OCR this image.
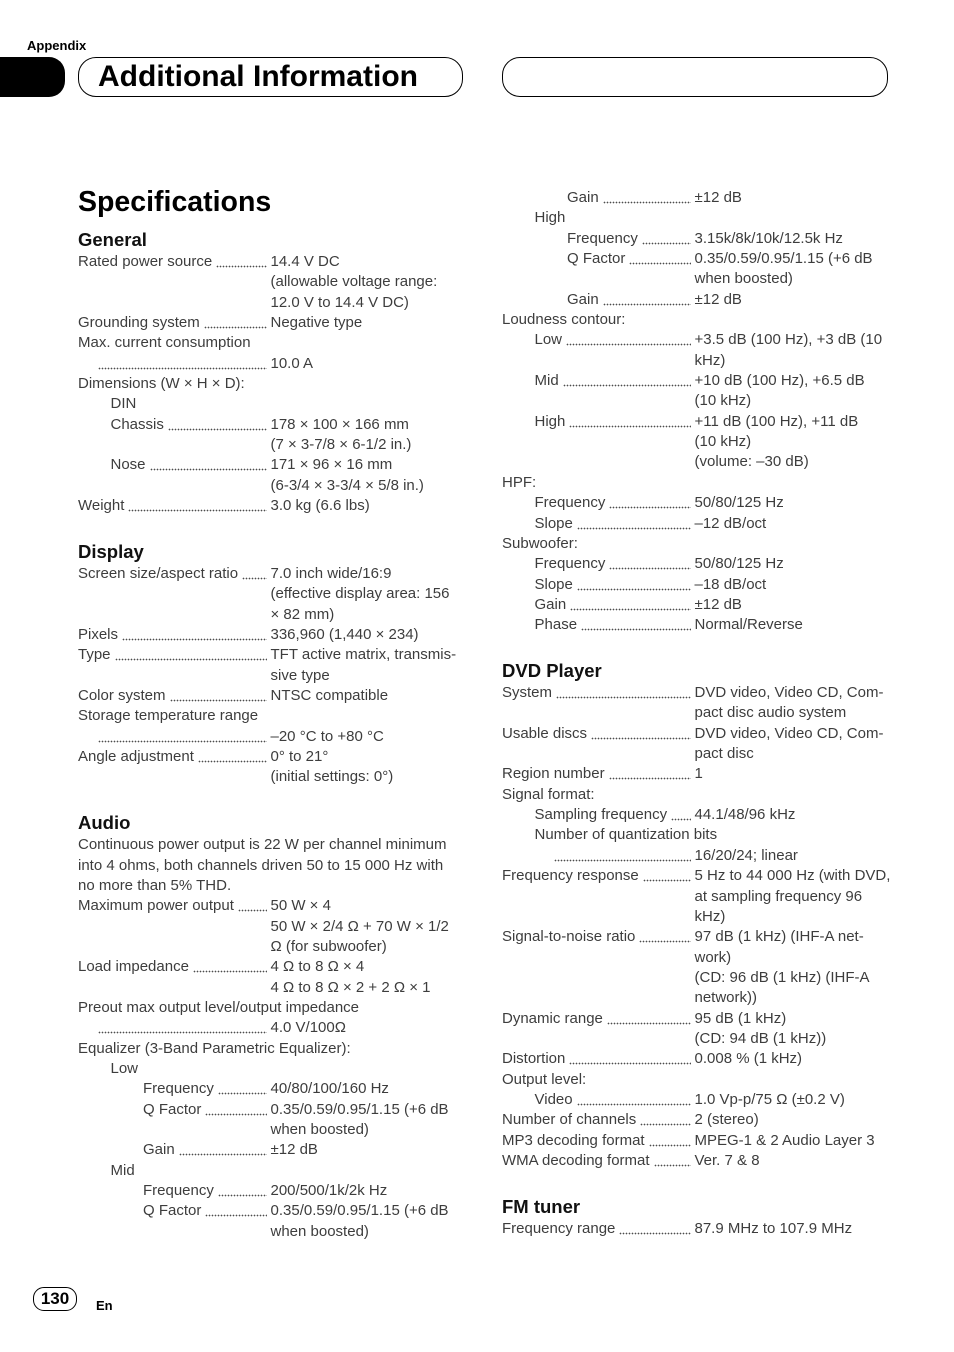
Appendix
Additional Information
Specifications
General
Rated power source	14.4 V DC
(allowable voltage range:
12.0 V to 14.4 V DC)
Grounding system	Negative type
Max. current consumption
10.0 A
Dimensions (W × H × D):
DIN
Chassis	178 × 100 × 166 mm
(7 × 3-7/8 × 6-1/2 in.)
Nose	171 × 96 × 16 mm
(6-3/4 × 3-3/4 × 5/8 in.)
Weight	3.0 kg (6.6 lbs)
Display
Screen size/aspect ratio 7.0 inch wide/16:9
(effective display area: 156
× 82 mm)
Pixels	336,960 (1,440 × 234)
Type	TFT active matrix, transmis-
sive type
Color system	NTSC compatible
Storage temperature range
–20 °C to +80 °C
Angle adjustment	0° to 21°
(initial settings: 0°)
Audio
Continuous power output is 22 W per channel minimum
into 4 ohms, both channels driven 50 to 15 000 Hz with
no more than 5% THD.
Maximum power output 50 W × 4
50 W × 2/4 Ω + 70 W × 1/2
Ω (for subwoofer)
Load impedance	4 Ω to 8 Ω × 4
4 Ω to 8 Ω × 2 + 2 Ω × 1
Preout max output level/output impedance
4.0 V/100Ω
Equalizer (3-Band Parametric Equalizer):
Low
Frequency	40/80/100/160 Hz
Q Factor	0.35/0.59/0.95/1.15 (+6 dB
when boosted)
Gain	±12 dB
Mid
Frequency	200/500/1k/2k Hz
Q Factor	0.35/0.59/0.95/1.15 (+6 dB
when boosted)
Gain	±12 dB
High
Frequency	3.15k/8k/10k/12.5k Hz
Q Factor	0.35/0.59/0.95/1.15 (+6 dB
when boosted)
Gain	±12 dB
Loudness contour:
Low	+3.5 dB (100 Hz), +3 dB (10
kHz)
Mid	+10 dB (100 Hz), +6.5 dB
(10 kHz)
High	+11 dB (100 Hz), +11 dB
(10 kHz)
(volume: –30 dB)
HPF:
Frequency	50/80/125 Hz
Slope	–12 dB/oct
Subwoofer:
Frequency	50/80/125 Hz
Slope	–18 dB/oct
Gain	±12 dB
Phase	Normal/Reverse
DVD Player
System	DVD video, Video CD, Com-
pact disc audio system
Usable discs	DVD video, Video CD, Com-
pact disc
Region number	1
Signal format:
Sampling frequency 44.1/48/96 kHz
Number of quantization bits
16/20/24; linear
Frequency response	5 Hz to 44 000 Hz (with DVD,
at sampling frequency 96
kHz)
Signal-to-noise ratio	97 dB (1 kHz) (IHF-A net-
work)
(CD: 96 dB (1 kHz) (IHF-A
network))
Dynamic range	95 dB (1 kHz)
(CD: 94 dB (1 kHz))
Distortion	0.008 % (1 kHz)
Output level:
Video	1.0 Vp-p/75 Ω (±0.2 V)
Number of channels	2 (stereo)
MP3 decoding format	MPEG-1 & 2 Audio Layer 3
WMA decoding format	Ver. 7 & 8
FM tuner
Frequency range	87.9 MHz to 107.9 MHz
130	En
